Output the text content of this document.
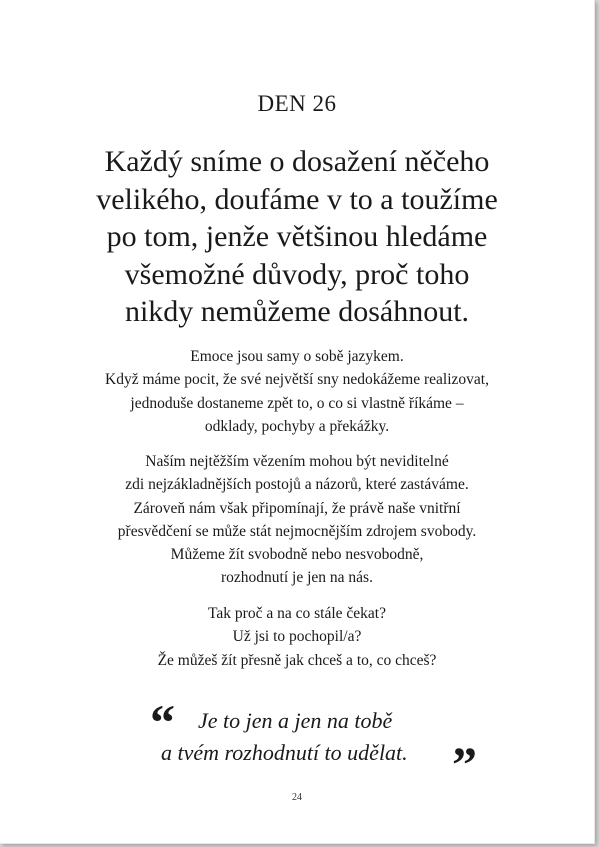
DEN 26

Každý sníme o dosažení něčeho
velikého, doufáme v to a toužíme
po tom, jenže většinou hledáme
všemožné důvody, proč toho
nikdy nemůžeme dosáhnout.

Emoce jsou samy o sobě jazykem.
Když máme pocit, že své největší sny nedokážeme realizovat,
jednoduše dostaneme zpět to, o co si vlastně říkáme –
odklady, pochyby a překážky.

Naším nejtěžším vězením mohou být neviditelné
zdi nejzákladnějších postojů a názorů, které zastáváme.
Zároveň nám však připomínají, že právě naše vnitřní
přesvědčení se může stát nejmocnějším zdrojem svobody.
Můžeme žít svobodně nebo nesvobodně,
rozhodnutí je jen na nás.

Tak proč a na co stále čekat?
Už jsi to pochopil/a?
Že můžeš žít přesně jak chceš a to, co chceš?

“ Je to jen a jen na tobě
a tvém rozhodnutí to udělat. ”
24
